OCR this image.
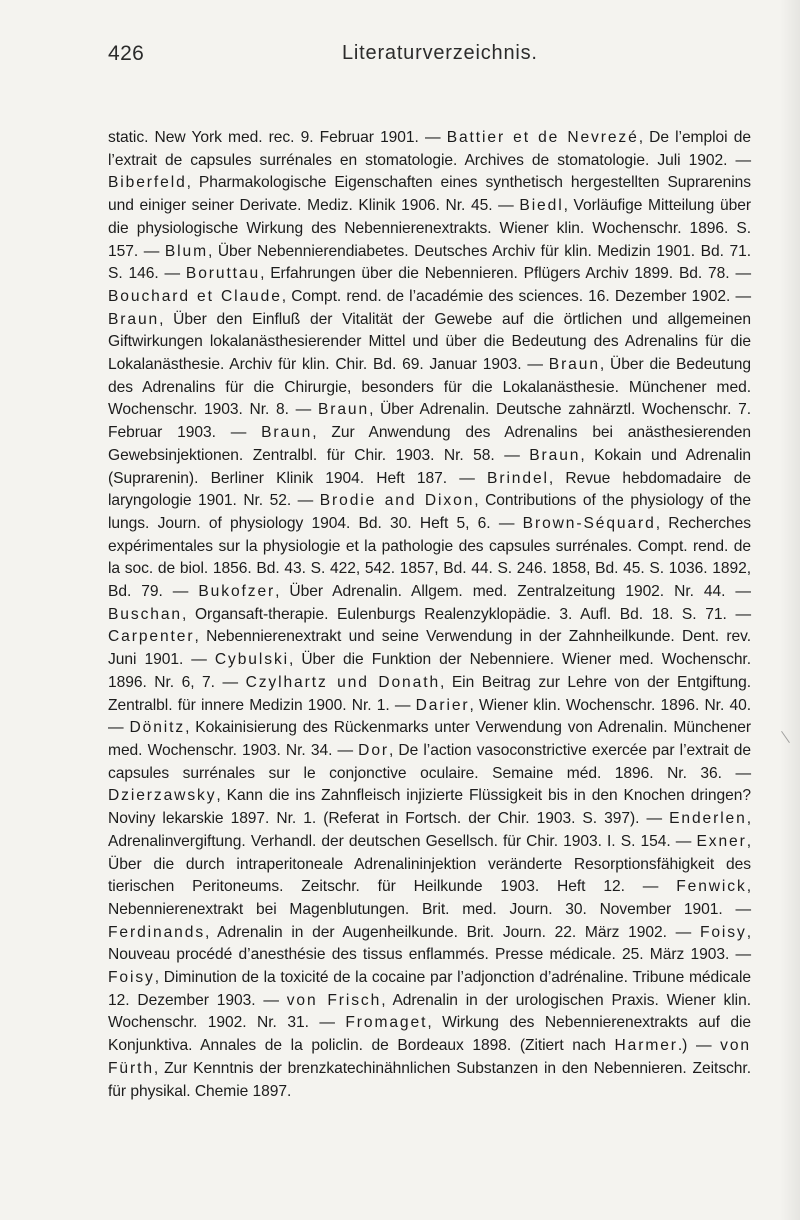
426	Literaturverzeichnis.

static. New York med. rec. 9. Februar 1901. — Battier et de Nevrezé, De l’emploi de l’extrait de capsules surrénales en stomatologie. Archives de stomatologie. Juli 1902. — Biberfeld, Pharmakologische Eigenschaften eines synthetisch hergestellten Suprarenins und einiger seiner Derivate. Mediz. Klinik 1906. Nr. 45. — Biedl, Vorläufige Mitteilung über die physiologische Wirkung des Nebennierenextrakts. Wiener klin. Wochenschr. 1896. S. 157. — Blum, Über Nebennierendiabetes. Deutsches Archiv für klin. Medizin 1901. Bd. 71. S. 146. — Boruttau, Erfahrungen über die Nebennieren. Pflügers Archiv 1899. Bd. 78. — Bouchard et Claude, Compt. rend. de l’académie des sciences. 16. Dezember 1902. — Braun, Über den Einfluß der Vitalität der Gewebe auf die örtlichen und allgemeinen Giftwirkungen lokalanästhesierender Mittel und über die Bedeutung des Adrenalins für die Lokalanästhesie. Archiv für klin. Chir. Bd. 69. Januar 1903. — Braun, Über die Bedeutung des Adrenalins für die Chirurgie, besonders für die Lokalanästhesie. Münchener med. Wochenschr. 1903. Nr. 8. — Braun, Über Adrenalin. Deutsche zahnärztl. Wochenschr. 7. Februar 1903. — Braun, Zur Anwendung des Adrenalins bei anästhesierenden Gewebsinjektionen. Zentralbl. für Chir. 1903. Nr. 58. — Braun, Kokain und Adrenalin (Suprarenin). Berliner Klinik 1904. Heft 187. — Brindel, Revue hebdomadaire de laryngologie 1901. Nr. 52. — Brodie and Dixon, Contributions of the physiology of the lungs. Journ. of physiology 1904. Bd. 30. Heft 5, 6. — Brown-Séquard, Recherches expérimentales sur la physiologie et la pathologie des capsules surrénales. Compt. rend. de la soc. de biol. 1856. Bd. 43. S. 422, 542. 1857, Bd. 44. S. 246. 1858, Bd. 45. S. 1036. 1892, Bd. 79. — Bukofzer, Über Adrenalin. Allgem. med. Zentralzeitung 1902. Nr. 44. — Buschan, Organsaft-therapie. Eulenburgs Realenzyklopädie. 3. Aufl. Bd. 18. S. 71. — Carpenter, Nebennierenextrakt und seine Verwendung in der Zahnheilkunde. Dent. rev. Juni 1901. — Cybulski, Über die Funktion der Nebenniere. Wiener med. Wochenschr. 1896. Nr. 6, 7. — Czylhartz und Donath, Ein Beitrag zur Lehre von der Entgiftung. Zentralbl. für innere Medizin 1900. Nr. 1. — Darier, Wiener klin. Wochenschr. 1896. Nr. 40. — Dönitz, Kokainisierung des Rückenmarks unter Verwendung von Adrenalin. Münchener med. Wochenschr. 1903. Nr. 34. — Dor, De l’action vasoconstrictive exercée par l’extrait de capsules surrénales sur le conjonctive oculaire. Semaine méd. 1896. Nr. 36. — Dzierzawsky, Kann die ins Zahnfleisch injizierte Flüssigkeit bis in den Knochen dringen? Noviny lekarskie 1897. Nr. 1. (Referat in Fortsch. der Chir. 1903. S. 397). — Enderlen, Adrenalinvergiftung. Verhandl. der deutschen Gesellsch. für Chir. 1903. I. S. 154. — Exner, Über die durch intraperitoneale Adrenalininjektion veränderte Resorptionsfähigkeit des tierischen Peritoneums. Zeitschr. für Heilkunde 1903. Heft 12. — Fenwick, Nebennierenextrakt bei Magenblutungen. Brit. med. Journ. 30. November 1901. — Ferdinands, Adrenalin in der Augenheilkunde. Brit. Journ. 22. März 1902. — Foisy, Nouveau procédé d’anesthésie des tissus enflammés. Presse médicale. 25. März 1903. — Foisy, Diminution de la toxicité de la cocaine par l’adjonction d’adrénaline. Tribune médicale 12. Dezember 1903. — von Frisch, Adrenalin in der urologischen Praxis. Wiener klin. Wochenschr. 1902. Nr. 31. — Fromaget, Wirkung des Nebennierenextrakts auf die Konjunktiva. Annales de la policlin. de Bordeaux 1898. (Zitiert nach Harmer.) — von Fürth, Zur Kenntnis der brenzkatechinähnlichen Substanzen in den Nebennieren. Zeitschr. für physikal. Chemie 1897.
